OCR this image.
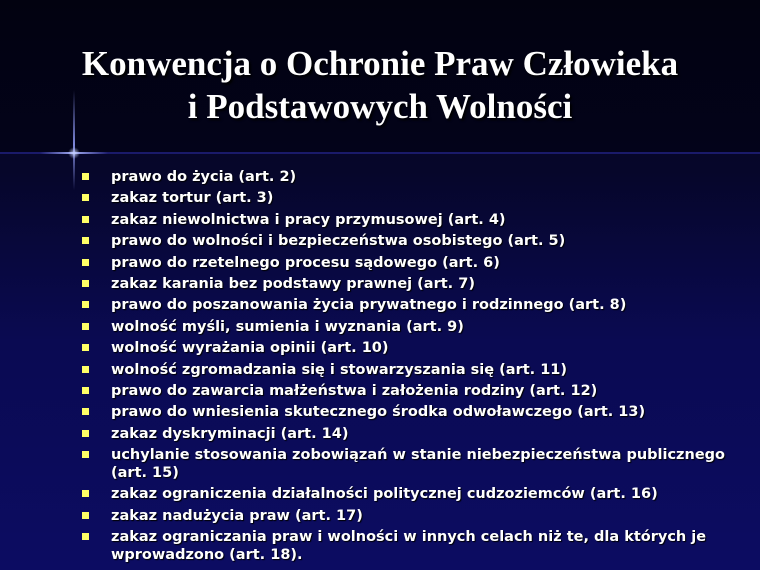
Konwencja o Ochronie Praw Człowieka
i Podstawowych Wolności
prawo do życia (art. 2)
zakaz tortur (art. 3)
zakaz niewolnictwa i pracy przymusowej (art. 4)
prawo do wolności i bezpieczeństwa osobistego (art. 5)
prawo do rzetelnego procesu sądowego (art. 6)
zakaz karania bez podstawy prawnej (art. 7)
prawo do poszanowania życia prywatnego i rodzinnego (art. 8)
wolność myśli, sumienia i wyznania (art. 9)
wolność wyrażania opinii (art. 10)
wolność zgromadzania się i stowarzyszania się (art. 11)
prawo do zawarcia małżeństwa i założenia rodziny (art. 12)
prawo do wniesienia skutecznego środka odwoławczego (art. 13)
zakaz dyskryminacji (art. 14)
uchylanie stosowania zobowiązań w stanie niebezpieczeństwa publicznego (art. 15)
zakaz ograniczenia działalności politycznej cudzoziemców (art. 16)
zakaz nadużycia praw (art. 17)
zakaz ograniczania praw i wolności w innych celach niż te, dla których je wprowadzono (art. 18).
